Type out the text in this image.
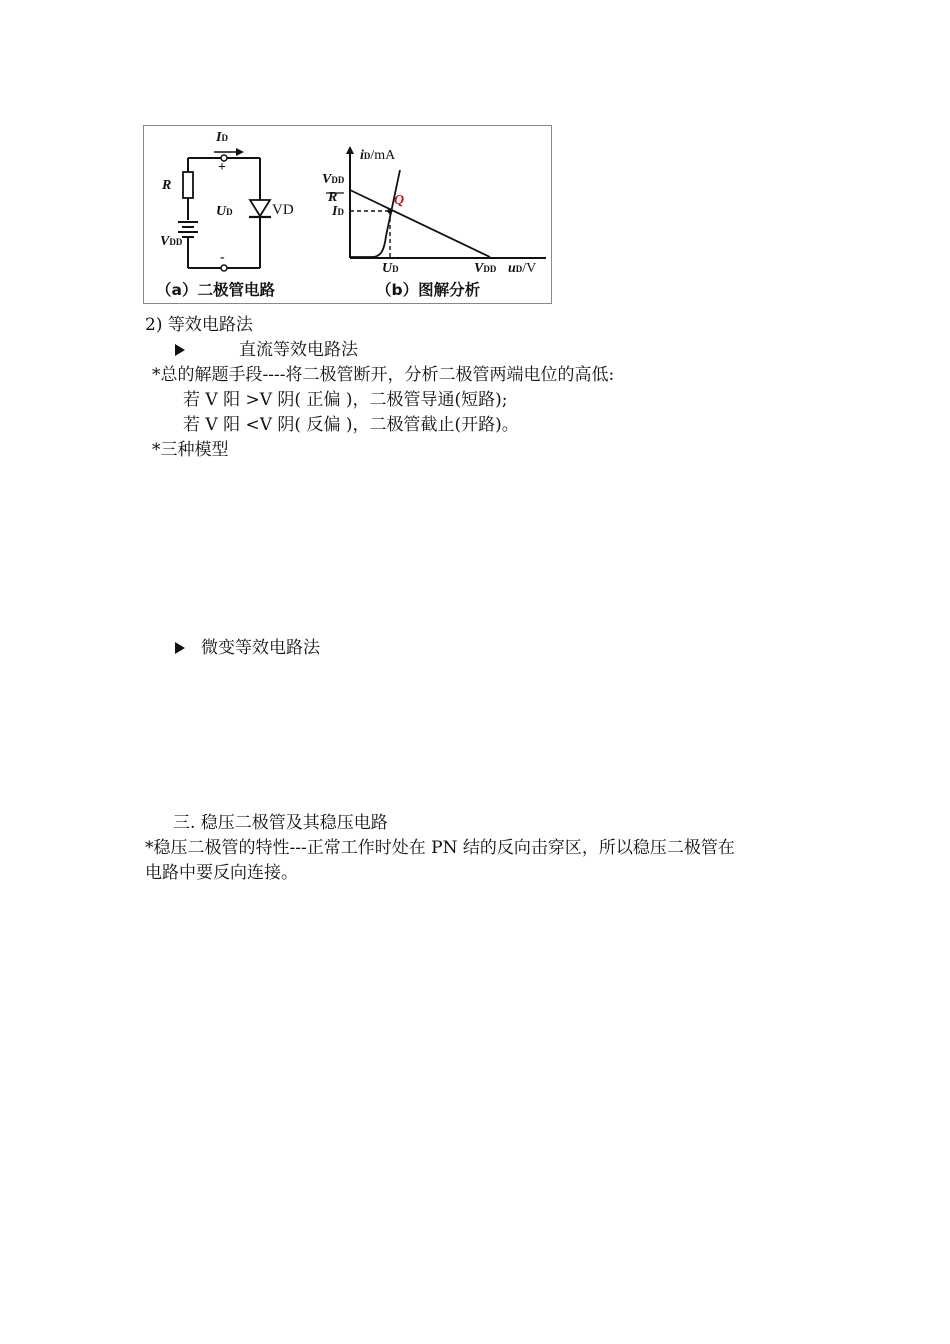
ID
+
R
UD	VD
VDD
-
iD/mA
VDD
R
ID
Q
UD	VDD uD/V
（a）二极管电路	（b）图解分析
2) 等效电路法
直流等效电路法
*总的解题手段----将二极管断开，分析二极管两端电位的高低:
若 V 阳 >V 阴( 正偏 )，二极管导通(短路);
若 V 阳 <V 阴( 反偏 )，二极管截止(开路)。
*三种模型
微变等效电路法
三. 稳压二极管及其稳压电路
*稳压二极管的特性---正常工作时处在 PN 结的反向击穿区，所以稳压二极管在
电路中要反向连接。
